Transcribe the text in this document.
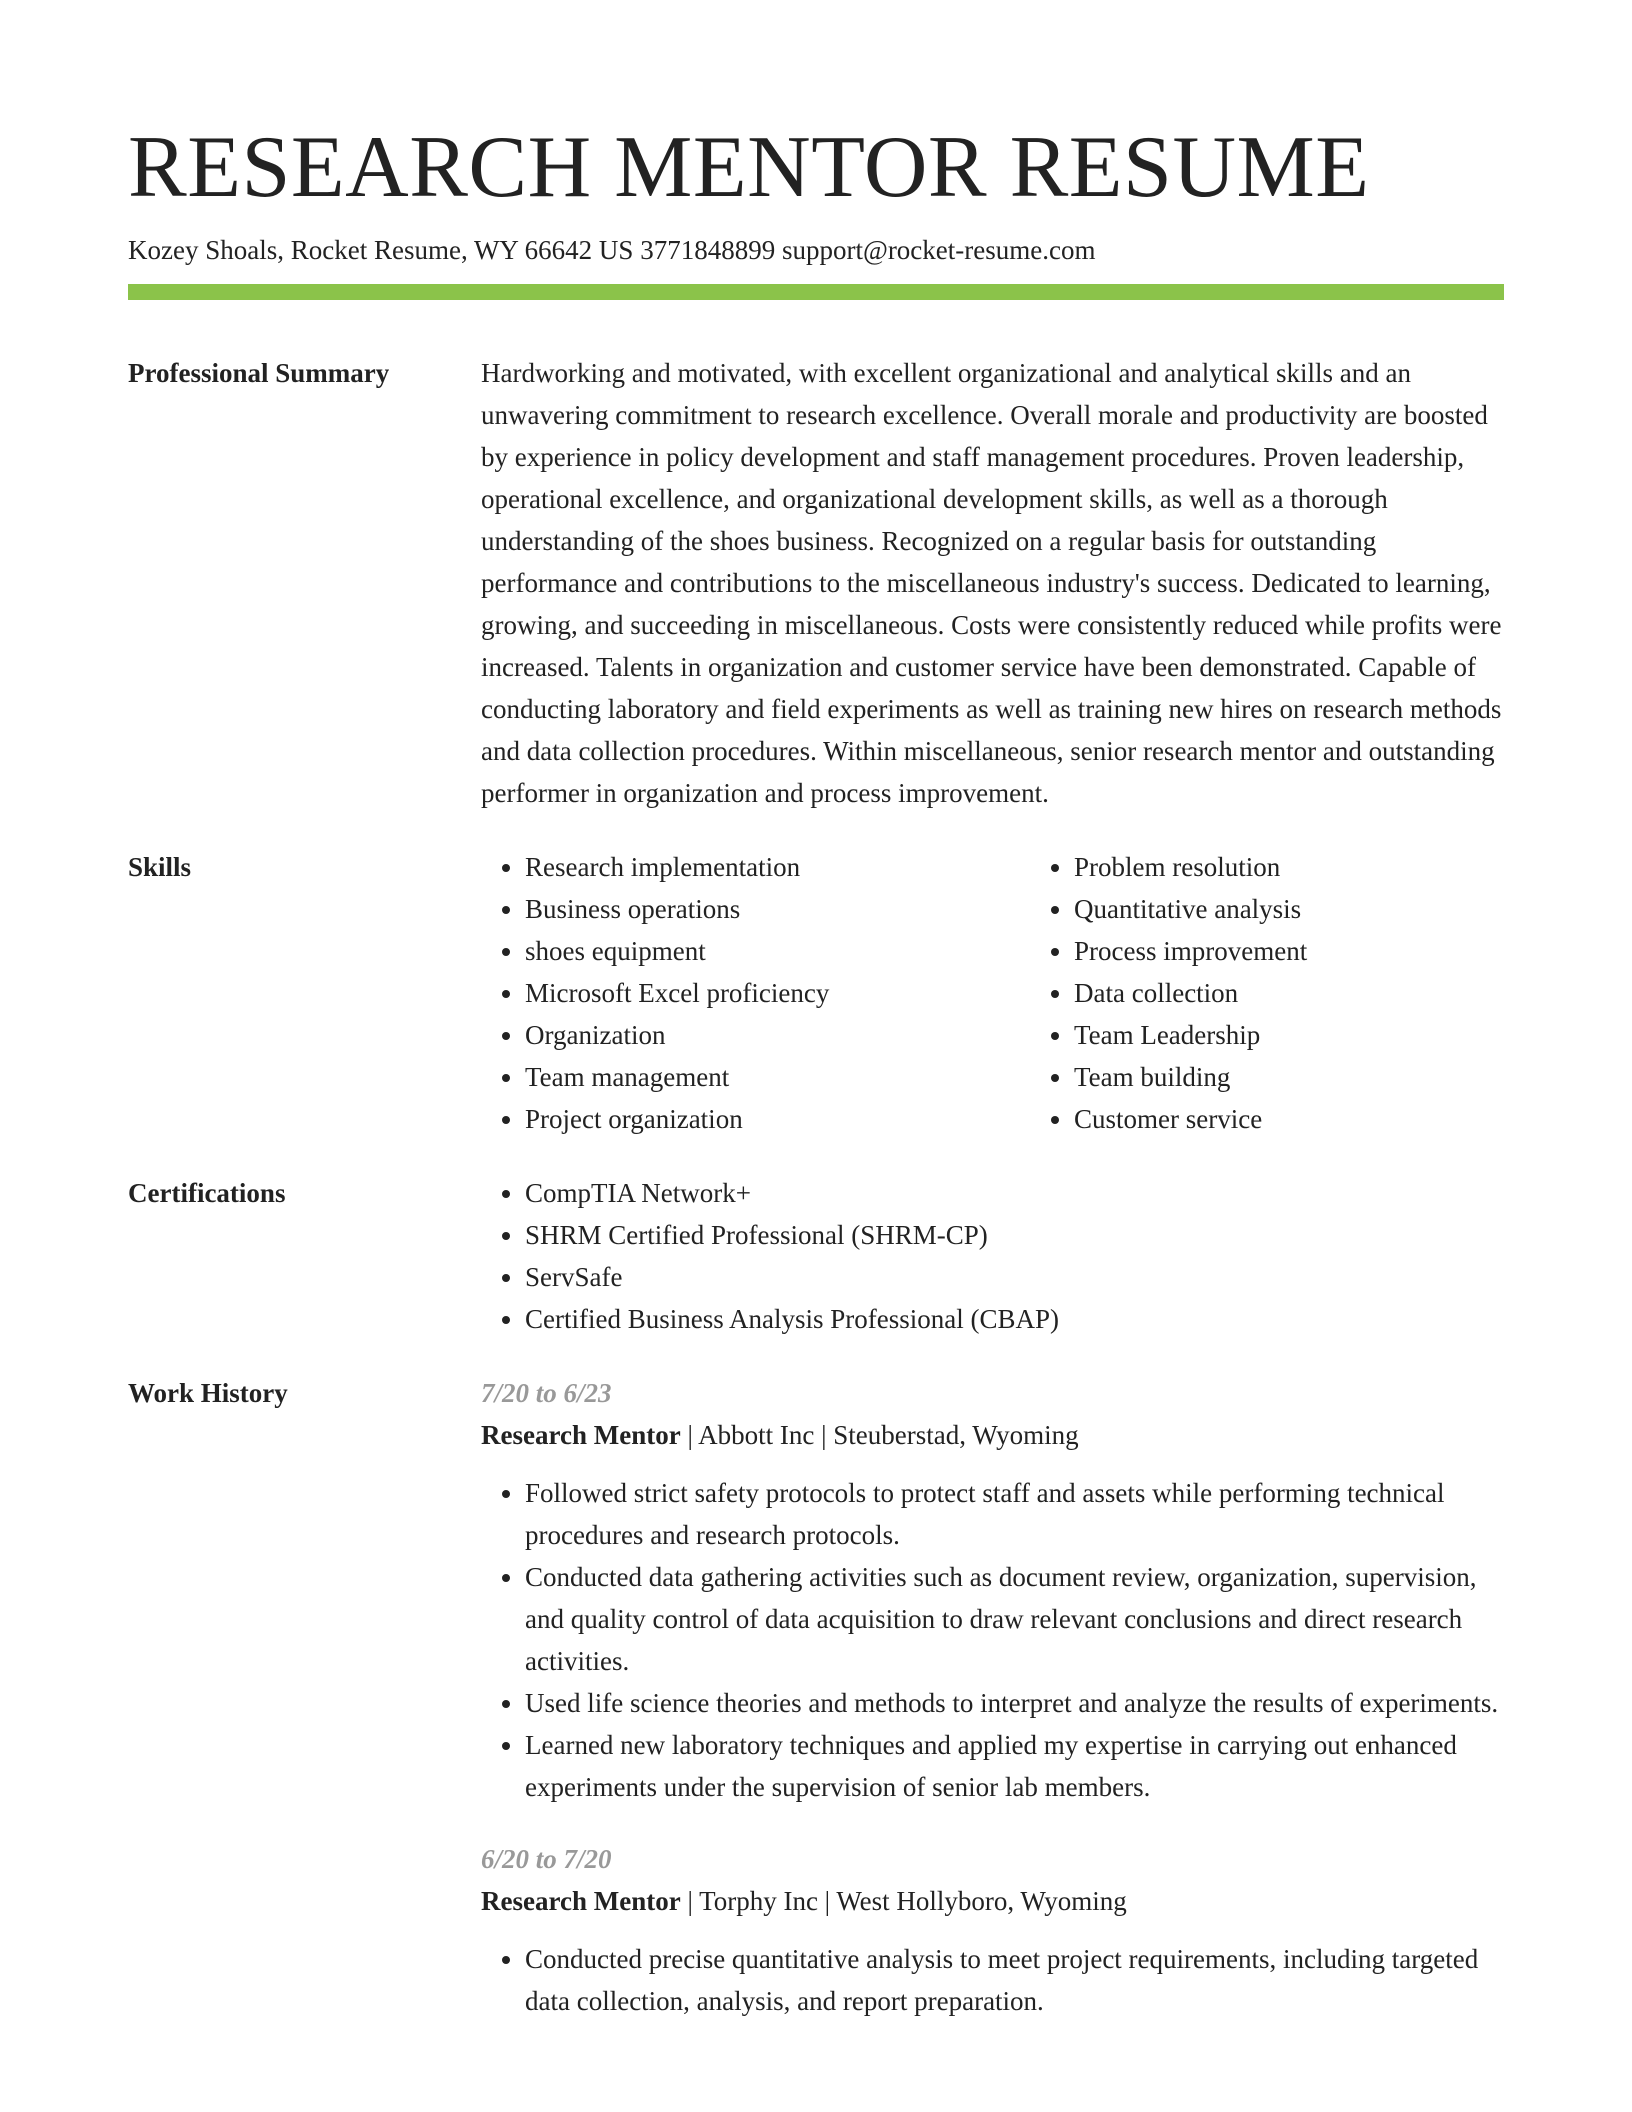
RESEARCH MENTOR RESUME
Kozey Shoals, Rocket Resume, WY 66642 US 3771848899 support@rocket-resume.com
Professional Summary	Hardworking and motivated, with excellent organizational and analytical skills and an unwavering commitment to research excellence. Overall morale and productivity are boosted by experience in policy development and staff management procedures. Proven leadership, operational excellence, and organizational development skills, as well as a thorough understanding of the shoes business. Recognized on a regular basis for outstanding performance and contributions to the miscellaneous industry's success. Dedicated to learning, growing, and succeeding in miscellaneous. Costs were consistently reduced while profits were increased. Talents in organization and customer service have been demonstrated. Capable of conducting laboratory and field experiments as well as training new hires on research methods and data collection procedures. Within miscellaneous, senior research mentor and outstanding performer in organization and process improvement.

Skills	• Research implementation
• Business operations
• shoes equipment
• Microsoft Excel proficiency
• Organization
• Team management
• Project organization
• Problem resolution
• Quantitative analysis
• Process improvement
• Data collection
• Team Leadership
• Team building
• Customer service
Certifications	• CompTIA Network+
• SHRM Certified Professional (SHRM-CP)
• ServSafe
• Certified Business Analysis Professional (CBAP)
Work History	7/20 to 6/23
Research Mentor | Abbott Inc | Steuberstad, Wyoming
• Followed strict safety protocols to protect staff and assets while performing technical procedures and research protocols.
• Conducted data gathering activities such as document review, organization, supervision, and quality control of data acquisition to draw relevant conclusions and direct research activities.
• Used life science theories and methods to interpret and analyze the results of experiments.
• Learned new laboratory techniques and applied my expertise in carrying out enhanced experiments under the supervision of senior lab members.
6/20 to 7/20
Research Mentor | Torphy Inc | West Hollyboro, Wyoming
• Conducted precise quantitative analysis to meet project requirements, including targeted data collection, analysis, and report preparation.
